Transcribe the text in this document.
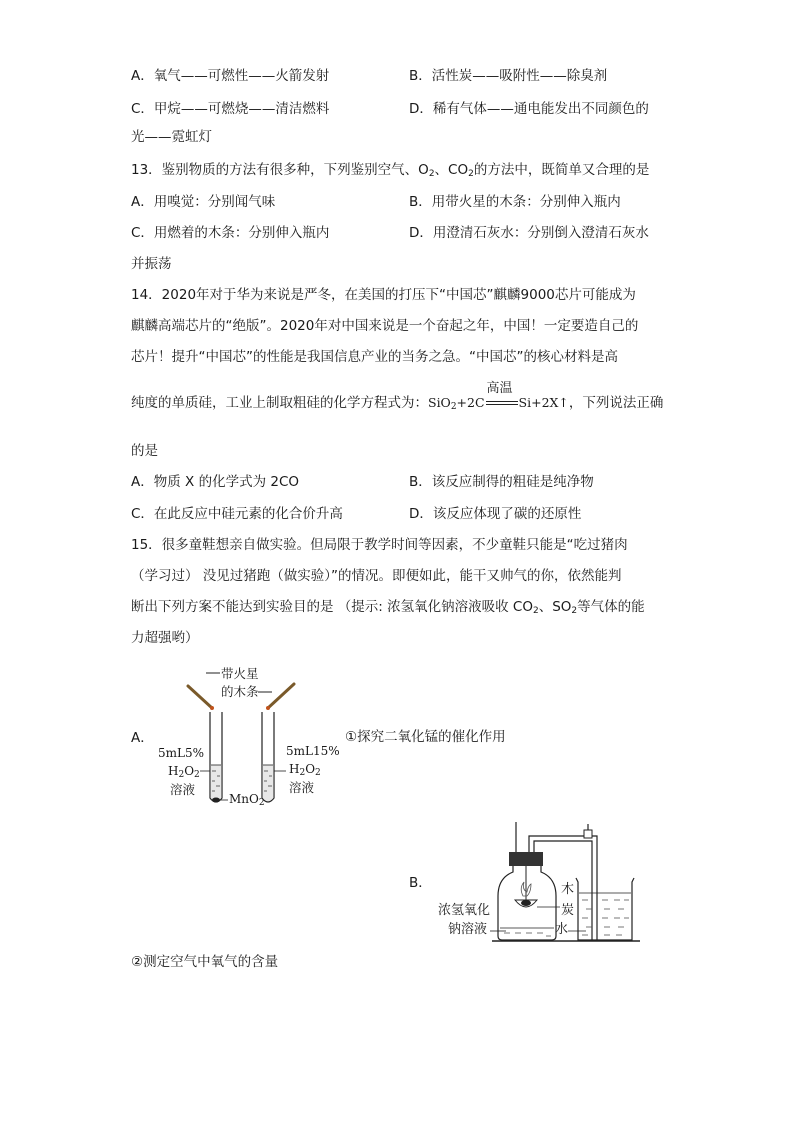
A．氧气——可燃性——火箭发射	B．活性炭——吸附性——除臭剂
C．甲烷——可燃烧——清洁燃料	D．稀有气体——通电能发出不同颜色的
光——霓虹灯
13．鉴别物质的方法有很多种，下列鉴别空气、$O_2$、$CO_2$的方法中，既简单又合理的是
A．用嗅觉：分别闻气味	B．用带火星的木条：分别伸入瓶内
C．用燃着的木条：分别伸入瓶内	D．用澄清石灰水：分别倒入澄清石灰水
并振荡
14．2020年对于华为来说是严冬，在美国的打压下“中国芯”麒麟9000芯片可能成为
麒麟高端芯片的“绝版”。2020年对中国来说是一个奋起之年，中国！一定要造自己的
芯片！提升“中国芯”的性能是我国信息产业的当务之急。“中国芯”的核心材料是高
纯度的单质硅，工业上制取粗硅的化学方程式为：SiO$_2$+2C
高温
Si+2X↑，下列说法正确
的是
A．物质 X 的化学式为 2CO	B．该反应制得的粗硅是纯净物
C．在此反应中硅元素的化合价升高	D．该反应体现了碳的还原性
15．很多童鞋想亲自做实验。但局限于教学时间等因素，不少童鞋只能是“吃过猪肉
（学习过） 没见过猪跑（做实验）”的情况。即便如此，能干又帅气的你，依然能判
断出下列方案不能达到实验目的是 （提示: 浓氢氧化钠溶液吸收 $CO_2$、$SO_2$等气体的能
力超强哟）
A．	①探究二氧化锰的催化作用
带火星
的木条
5mL5%
$H_2O_2$
溶液
MnO$_2$
5mL15%
$H_2O_2$
溶液
B．
浓氢氧化
钠溶液
木
炭
水
②测定空气中氧气的含量
